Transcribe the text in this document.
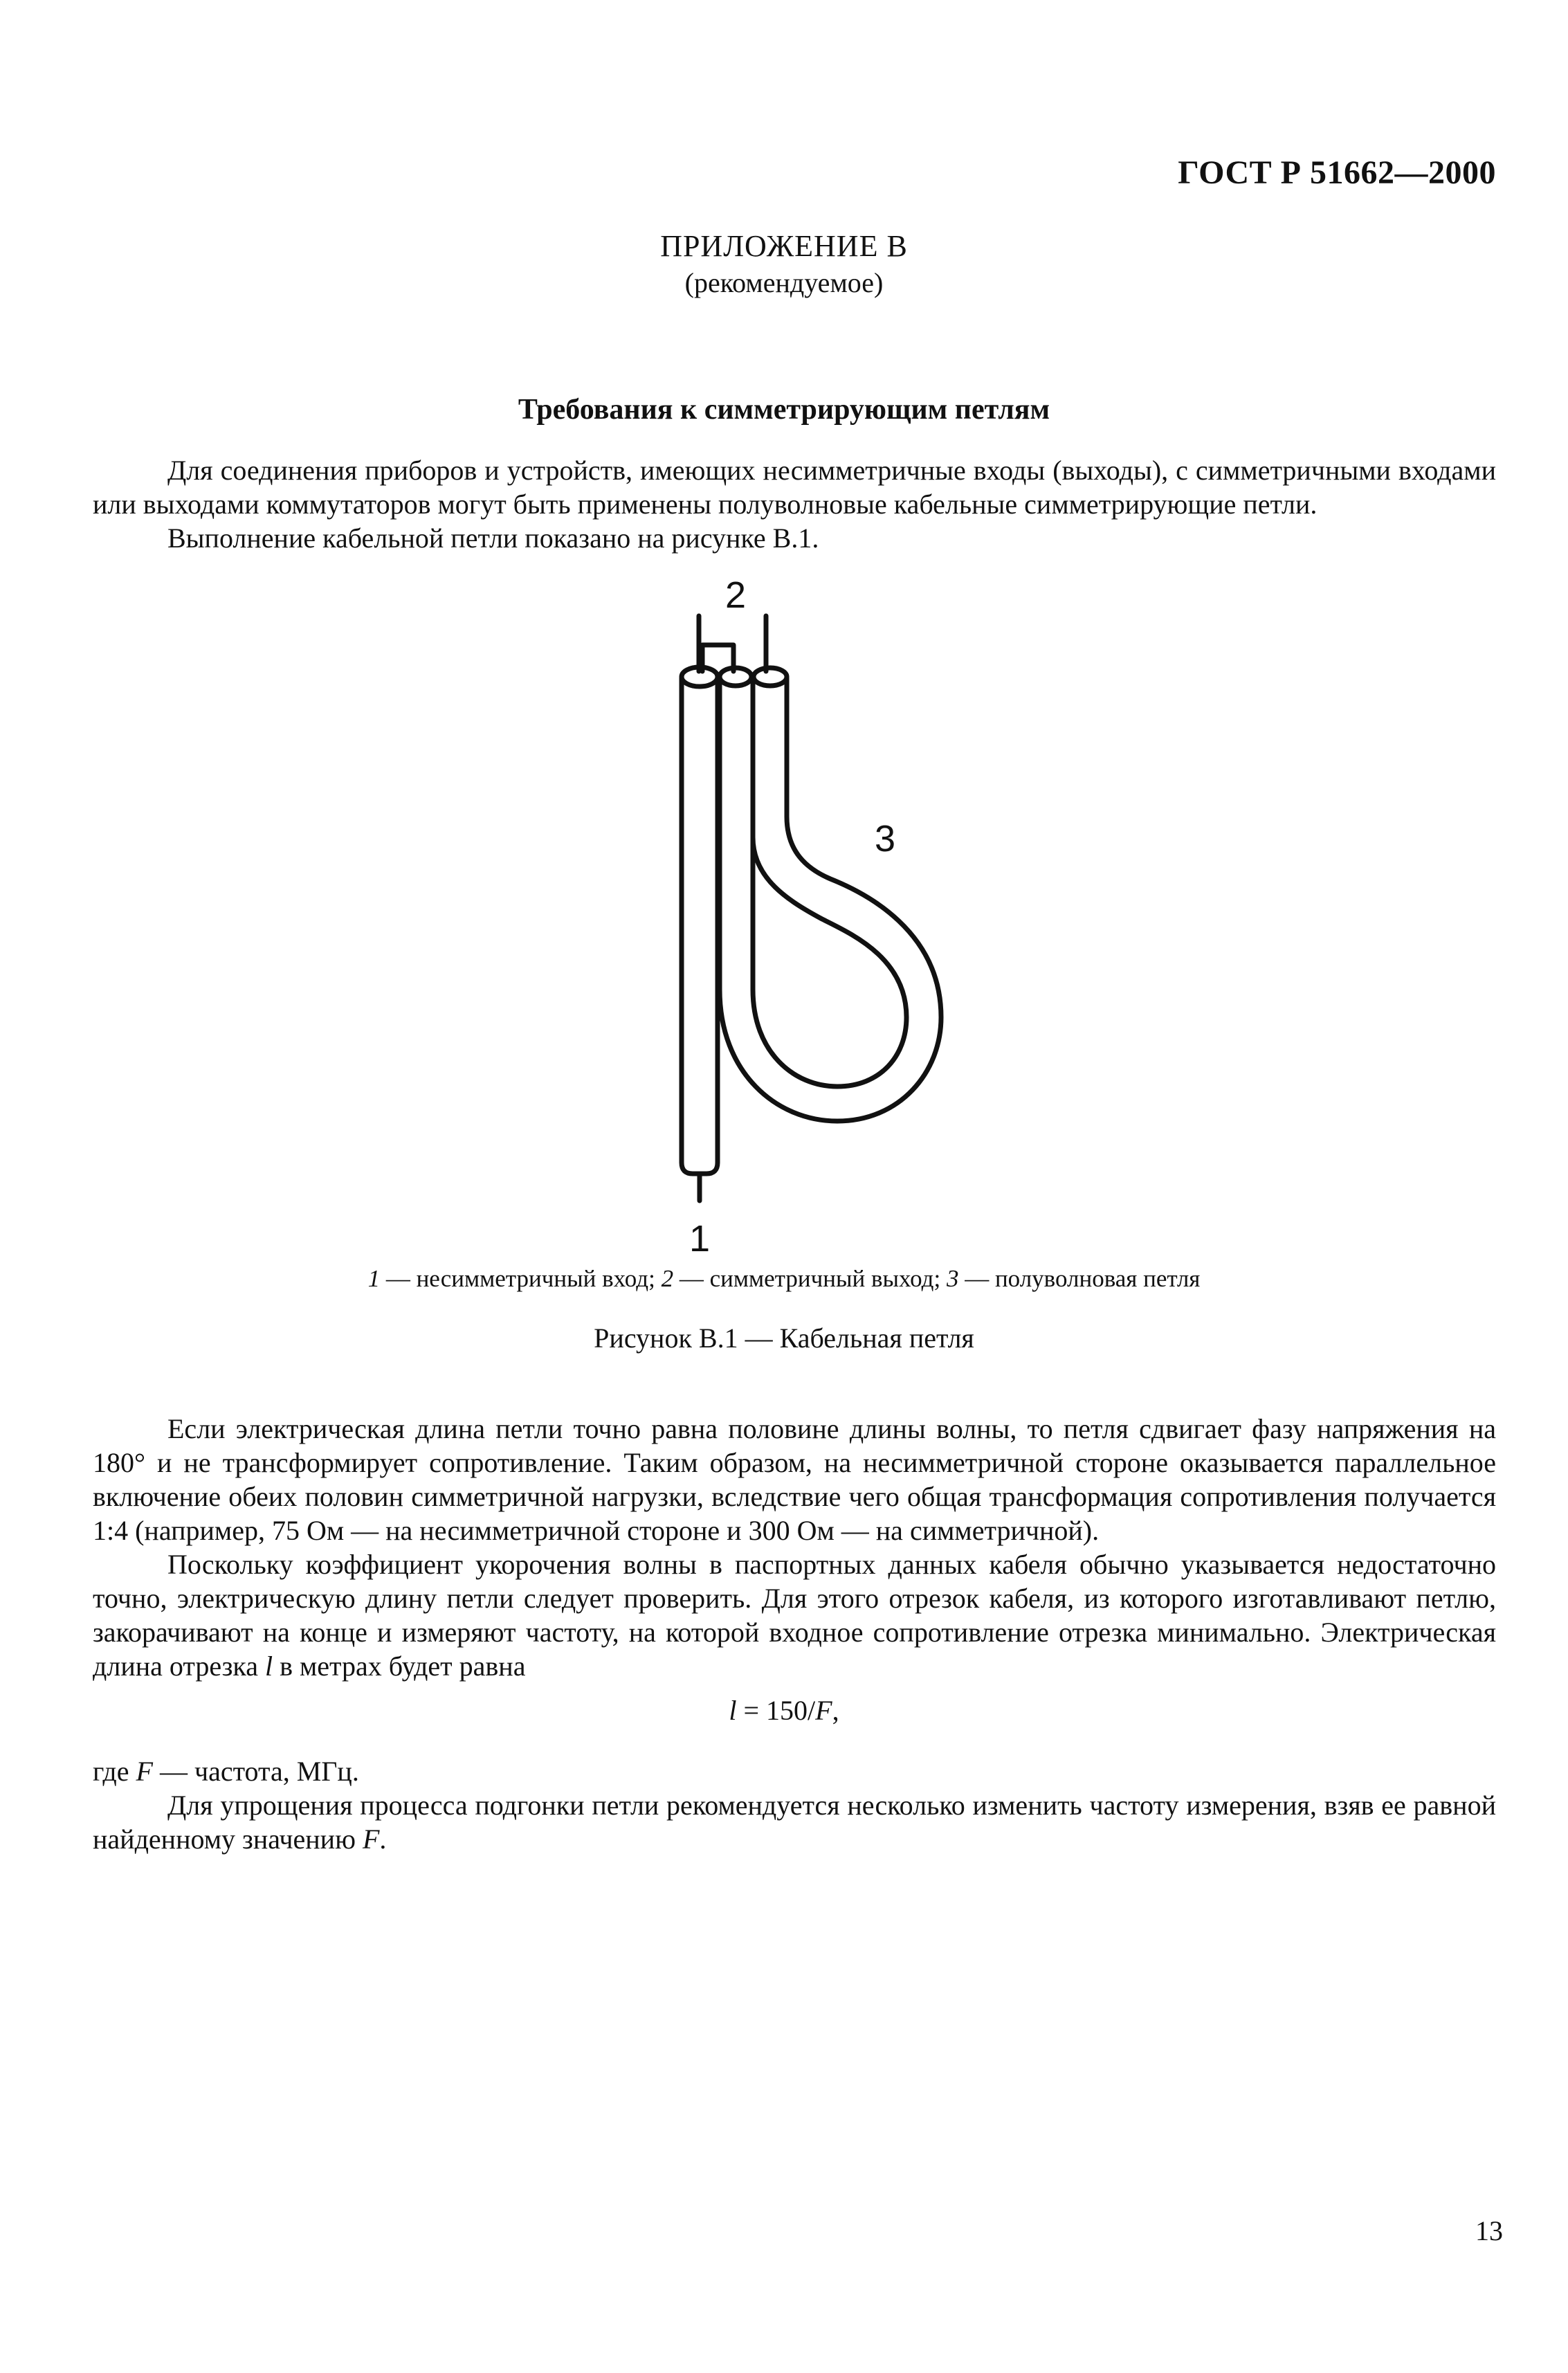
ГОСТ Р 51662—2000
ПРИЛОЖЕНИЕ В
(рекомендуемое)
Требования к симметрирующим петлям

Для соединения приборов и устройств, имеющих несимметричные входы (выходы), с симметричными входами или выходами коммутаторов могут быть применены полуволновые кабельные симметрирующие петли.

Выполнение кабельной петли показано на рисунке В.1.

2
3
1
1 — несимметричный вход; 2 — симметричный выход; 3 — полуволновая петля
Рисунок В.1 — Кабельная петля

Если электрическая длина петли точно равна половине длины волны, то петля сдвигает фазу напряжения на 180° и не трансформирует сопротивление. Таким образом, на несимметричной стороне оказывается параллельное включение обеих половин симметричной нагрузки, вследствие чего общая трансформация сопротивления получается 1:4 (например, 75 Ом — на несимметричной стороне и 300 Ом — на симметричной).

Поскольку коэффициент укорочения волны в паспортных данных кабеля обычно указывается недостаточно точно, электрическую длину петли следует проверить. Для этого отрезок кабеля, из которого изготавливают петлю, закорачивают на конце и измеряют частоту, на которой входное сопротивление отрезка минимально. Электрическая длина отрезка l в метрах будет равна

l = 150/F,

где F — частота, МГц.

Для упрощения процесса подгонки петли рекомендуется несколько изменить частоту измерения, взяв ее равной найденному значению F.

13
